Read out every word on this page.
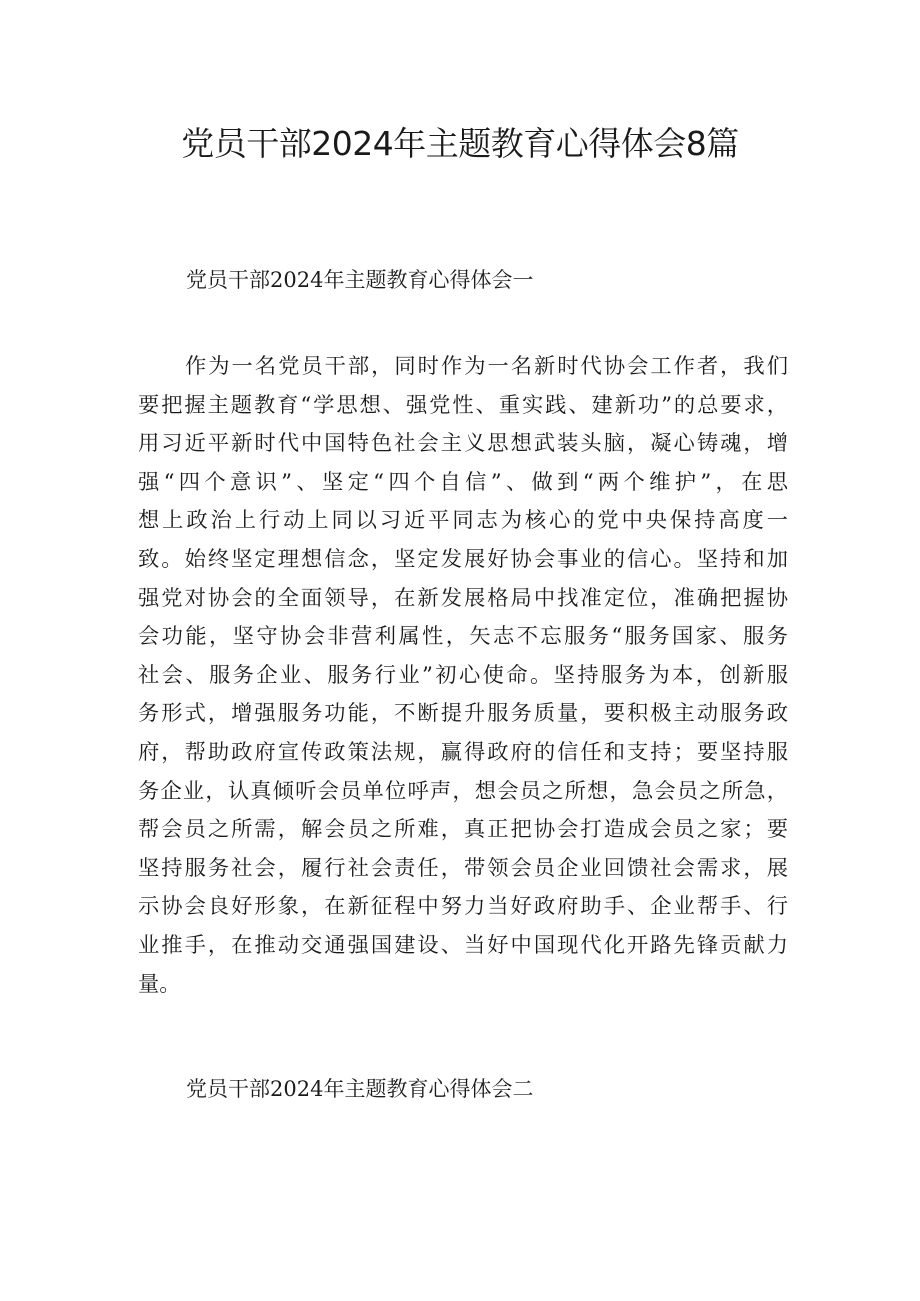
党员干部2024年主题教育心得体会8篇
党员干部2024年主题教育心得体会一
作为一名党员干部，同时作为一名新时代协会工作者，我们
要把握主题教育“学思想、强党性、重实践、建新功”的总要求，
用习近平新时代中国特色社会主义思想武装头脑，凝心铸魂，增
强“四个意识”、坚定“四个自信”、做到“两个维护”，在思
想上政治上行动上同以习近平同志为核心的党中央保持高度一
致。始终坚定理想信念，坚定发展好协会事业的信心。坚持和加
强党对协会的全面领导，在新发展格局中找准定位，准确把握协
会功能，坚守协会非营利属性，矢志不忘服务“服务国家、服务
社会、服务企业、服务行业”初心使命。坚持服务为本，创新服
务形式，增强服务功能，不断提升服务质量，要积极主动服务政
府，帮助政府宣传政策法规，赢得政府的信任和支持；要坚持服
务企业，认真倾听会员单位呼声，想会员之所想，急会员之所急，
帮会员之所需，解会员之所难，真正把协会打造成会员之家；要
坚持服务社会，履行社会责任，带领会员企业回馈社会需求，展
示协会良好形象，在新征程中努力当好政府助手、企业帮手、行
业推手，在推动交通强国建设、当好中国现代化开路先锋贡献力
量。
党员干部2024年主题教育心得体会二
